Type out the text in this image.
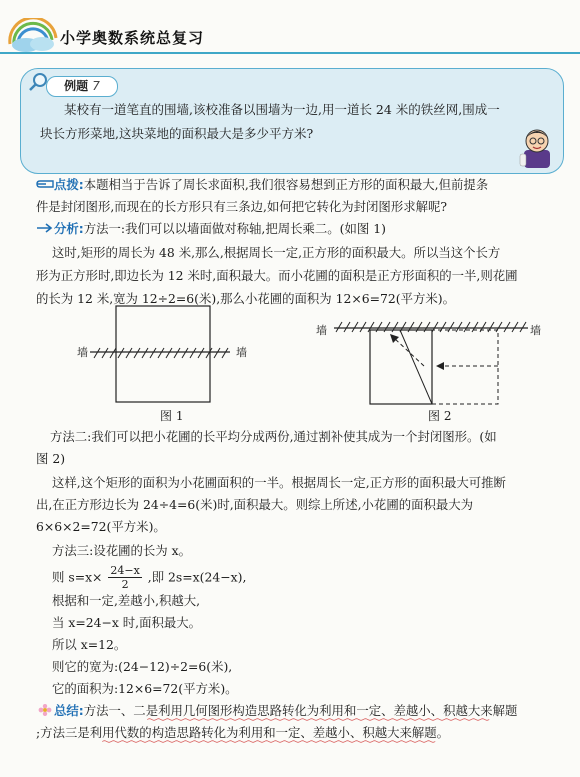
小学奥数系统总复习
例题 7
某校有一道笔直的围墙,该校准备以围墙为一边,用一道长 24 米的铁丝网,围成一
块长方形菜地,这块菜地的面积最大是多少平方米?
点拨:本题相当于告诉了周长求面积,我们很容易想到正方形的面积最大,但前提条
件是封闭图形,而现在的长方形只有三条边,如何把它转化为封闭图形求解呢?
分析:方法一:我们可以以墙面做对称轴,把周长乘二。(如图 1)
这时,矩形的周长为 48 米,那么,根据周长一定,正方形的面积最大。所以当这个长方
形为正方形时,即边长为 12 米时,面积最大。而小花圃的面积是正方形面积的一半,则花圃
的长为 12 米,宽为 12÷2=6(米),那么小花圃的面积为 12×6=72(平方米)。
墙	墙
图 1
墙	墙
图 2
方法二:我们可以把小花圃的长平均分成两份,通过割补使其成为一个封闭图形。(如
图 2)
这样,这个矩形的面积为小花圃面积的一半。根据周长一定,正方形的面积最大可推断
出,在正方形边长为 24÷4=6(米)时,面积最大。则综上所述,小花圃的面积最大为
6×6×2=72(平方米)。
方法三:设花圃的长为 x。
则 $s=x\times \frac{24-x}{2}$ ,即 2s=x(24−x),
根据和一定,差越小,积越大,
当 x=24−x 时,面积最大。
所以 x=12。
则它的宽为:(24−12)÷2=6(米),
它的面积为:12×6=72(平方米)。
总结:方法一、二是利用几何图形构造思路转化为利用和一定、差越小、积越大来解题
;方法三是利用代数的构造思路转化为利用和一定、差越小、积越大来解题。
